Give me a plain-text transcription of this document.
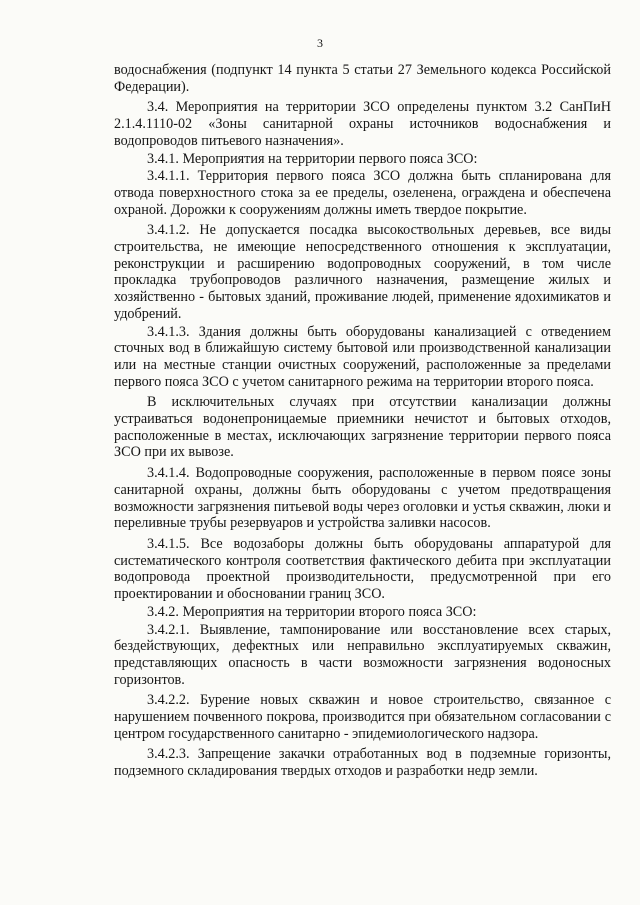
3

водоснабжения (подпункт 14 пункта 5 статьи 27 Земельного кодекса Российской Федерации).

3.4. Мероприятия на территории ЗСО определены пунктом 3.2 СанПиН 2.1.4.1110-02 «Зоны санитарной охраны источников водоснабжения и водопроводов питьевого назначения».

3.4.1. Мероприятия на территории первого пояса ЗСО:

3.4.1.1. Территория первого пояса ЗСО должна быть спланирована для отвода поверхностного стока за ее пределы, озеленена, ограждена и обеспечена охраной. Дорожки к сооружениям должны иметь твердое покрытие.

3.4.1.2. Не допускается посадка высокоствольных деревьев, все виды строительства, не имеющие непосредственного отношения к эксплуатации, реконструкции и расширению водопроводных сооружений, в том числе прокладка трубопроводов различного назначения, размещение жилых и хозяйственно - бытовых зданий, проживание людей, применение ядохимикатов и удобрений.

3.4.1.3. Здания должны быть оборудованы канализацией с отведением сточных вод в ближайшую систему бытовой или производственной канализации или на местные станции очистных сооружений, расположенные за пределами первого пояса ЗСО с учетом санитарного режима на территории второго пояса.

В исключительных случаях при отсутствии канализации должны устраиваться водонепроницаемые приемники нечистот и бытовых отходов, расположенные в местах, исключающих загрязнение территории первого пояса ЗСО при их вывозе.

3.4.1.4. Водопроводные сооружения, расположенные в первом поясе зоны санитарной охраны, должны быть оборудованы с учетом предотвращения возможности загрязнения питьевой воды через оголовки и устья скважин, люки и переливные трубы резервуаров и устройства заливки насосов.

3.4.1.5. Все водозаборы должны быть оборудованы аппаратурой для систематического контроля соответствия фактического дебита при эксплуатации водопровода проектной производительности, предусмотренной при его проектировании и обосновании границ ЗСО.

3.4.2. Мероприятия на территории второго пояса ЗСО:

3.4.2.1. Выявление, тампонирование или восстановление всех старых, бездействующих, дефектных или неправильно эксплуатируемых скважин, представляющих опасность в части возможности загрязнения водоносных горизонтов.

3.4.2.2. Бурение новых скважин и новое строительство, связанное с нарушением почвенного покрова, производится при обязательном согласовании с центром государственного санитарно - эпидемиологического надзора.

3.4.2.3. Запрещение закачки отработанных вод в подземные горизонты, подземного складирования твердых отходов и разработки недр земли.
